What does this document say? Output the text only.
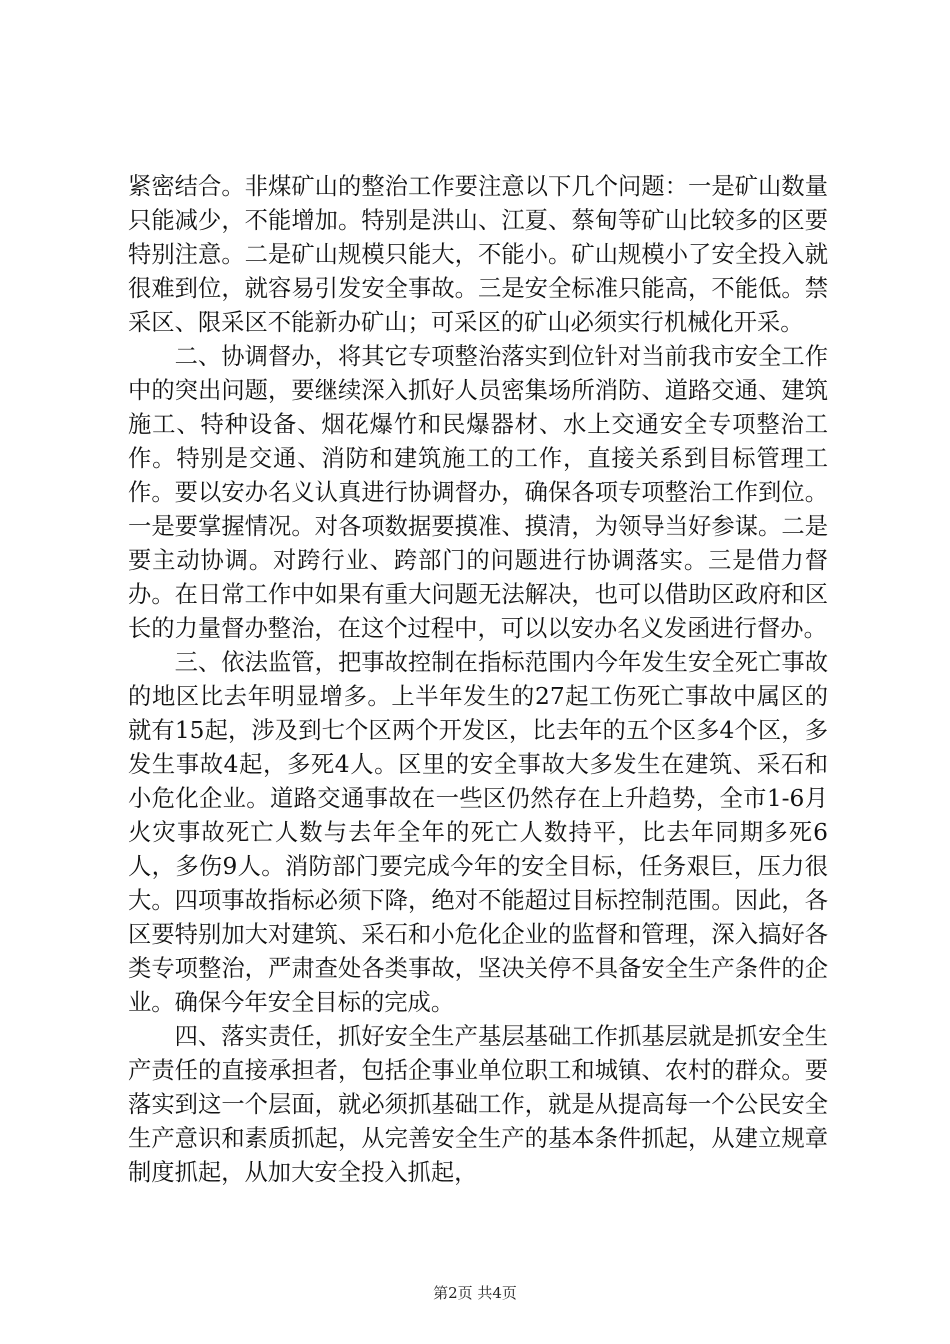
紧密结合。非煤矿山的整治工作要注意以下几个问题：一是矿山数量只能减少，不能增加。特别是洪山、江夏、蔡甸等矿山比较多的区要特别注意。二是矿山规模只能大，不能小。矿山规模小了安全投入就很难到位，就容易引发安全事故。三是安全标准只能高，不能低。禁采区、限采区不能新办矿山；可采区的矿山必须实行机械化开采。

二、协调督办，将其它专项整治落实到位针对当前我市安全工作中的突出问题，要继续深入抓好人员密集场所消防、道路交通、建筑施工、特种设备、烟花爆竹和民爆器材、水上交通安全专项整治工作。特别是交通、消防和建筑施工的工作，直接关系到目标管理工作。要以安办名义认真进行协调督办，确保各项专项整治工作到位。一是要掌握情况。对各项数据要摸准、摸清，为领导当好参谋。二是要主动协调。对跨行业、跨部门的问题进行协调落实。三是借力督办。在日常工作中如果有重大问题无法解决，也可以借助区政府和区长的力量督办整治，在这个过程中，可以以安办名义发函进行督办。

三、依法监管，把事故控制在指标范围内今年发生安全死亡事故的地区比去年明显增多。上半年发生的27起工伤死亡事故中属区的就有15起，涉及到七个区两个开发区，比去年的五个区多4个区，多发生事故4起，多死4人。区里的安全事故大多发生在建筑、采石和小危化企业。道路交通事故在一些区仍然存在上升趋势，全市1-6月火灾事故死亡人数与去年全年的死亡人数持平，比去年同期多死6人，多伤9人。消防部门要完成今年的安全目标，任务艰巨，压力很大。四项事故指标必须下降，绝对不能超过目标控制范围。因此，各区要特别加大对建筑、采石和小危化企业的监督和管理，深入搞好各类专项整治，严肃查处各类事故，坚决关停不具备安全生产条件的企业。确保今年安全目标的完成。

四、落实责任，抓好安全生产基层基础工作抓基层就是抓安全生产责任的直接承担者，包括企事业单位职工和城镇、农村的群众。要落实到这一个层面，就必须抓基础工作，就是从提高每一个公民安全生产意识和素质抓起，从完善安全生产的基本条件抓起，从建立规章制度抓起，从加大安全投入抓起，

第2页 共4页
